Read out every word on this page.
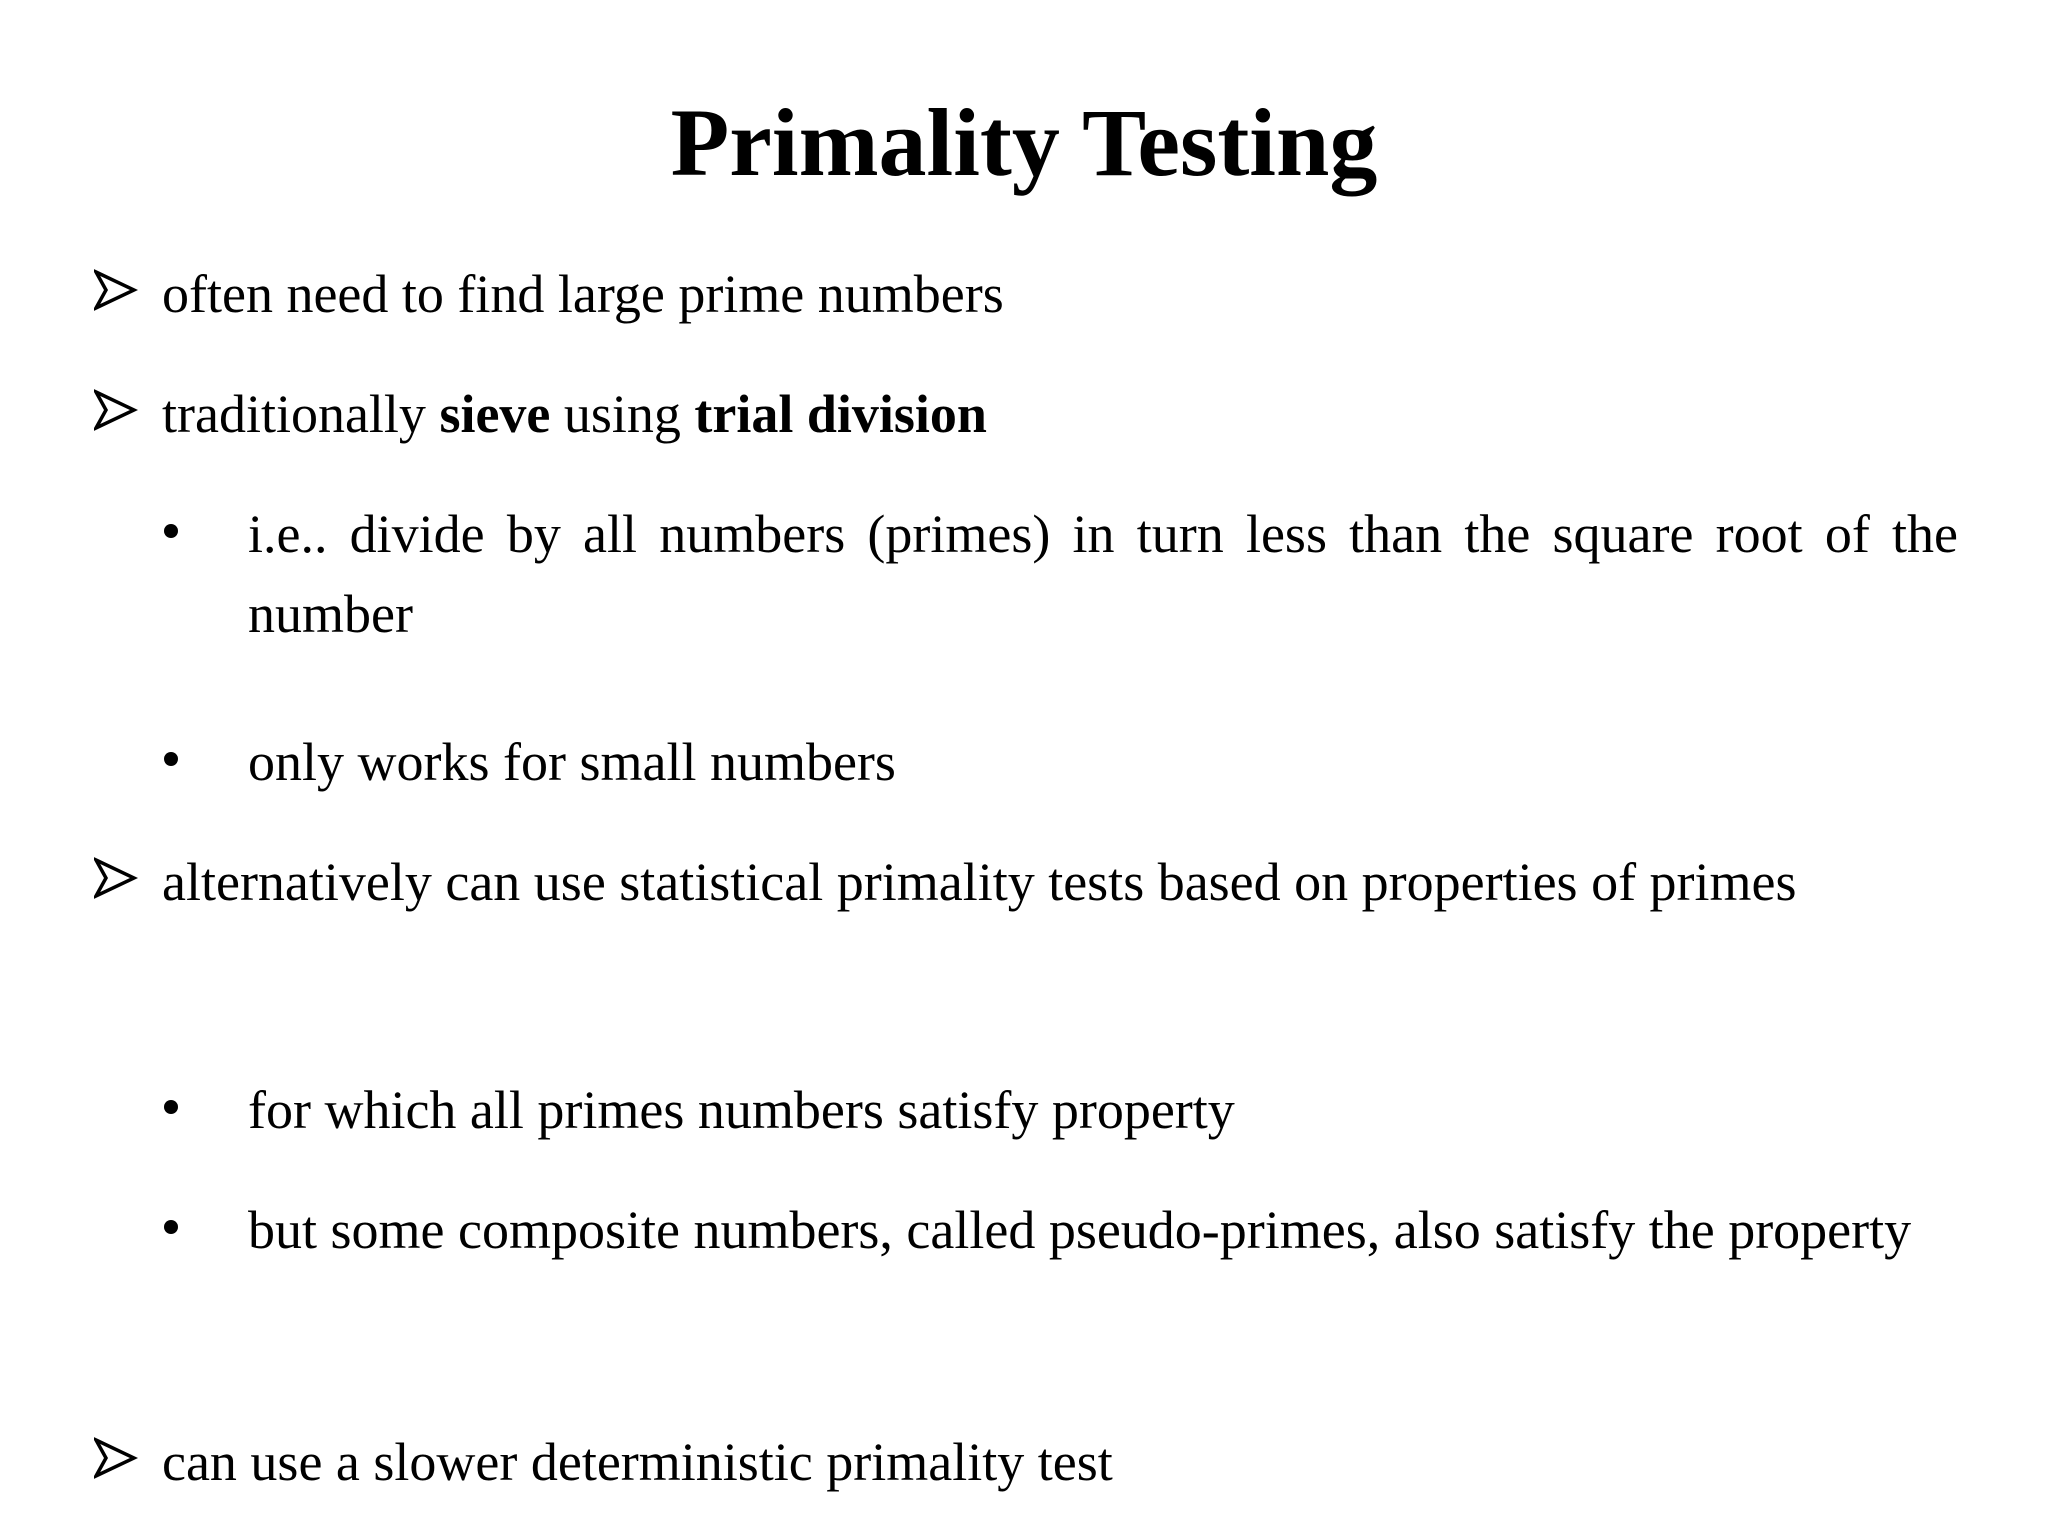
Primality Testing
often need to find large prime numbers
traditionally sieve using trial division
i.e.. divide by all numbers (primes) in turn less than the square root of the number
only works for small numbers
alternatively can use statistical primality tests based on properties of primes
for which all primes numbers satisfy property
but some composite numbers, called pseudo-primes, also satisfy the property
can use a slower deterministic primality test
